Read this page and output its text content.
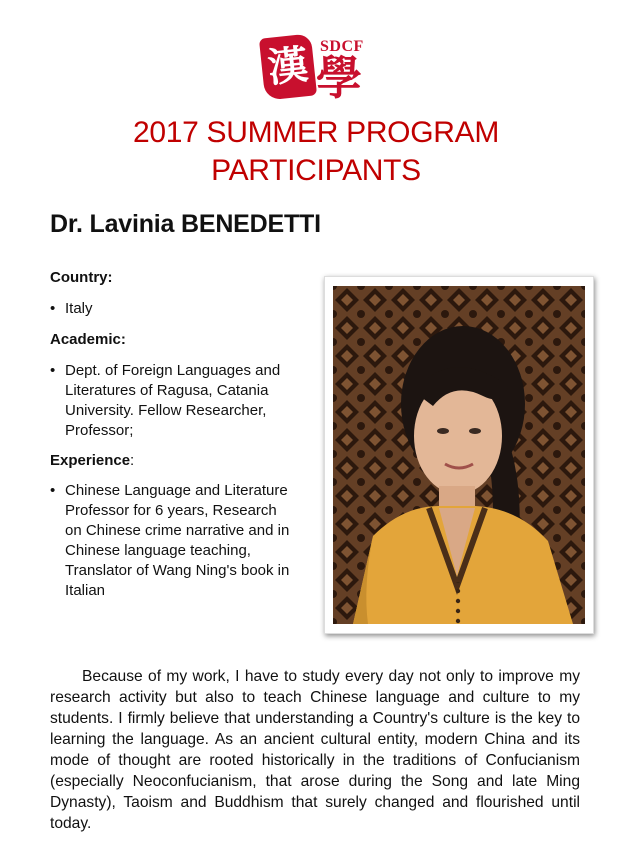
漢 學
SDCF
2017 SUMMER PROGRAM
PARTICIPANTS
Dr. Lavinia BENEDETTI

Country:

• Italy

Academic:

• Dept. of Foreign Languages and Literatures of Ragusa, Catania University. Fellow Researcher, Professor;

Experience:

• Chinese Language and Literature Professor for 6 years, Research on Chinese crime narrative and in Chinese language teaching, Translator of Wang Ning's book in Italian
Because of my work, I have to study every day not only to improve my research activity but also to teach Chinese language and culture to my students. I firmly believe that understanding a Country's culture is the key to learning the language. As an ancient cultural entity, modern China and its mode of thought are rooted historically in the traditions of Confucianism (especially Neoconfucianism, that arose during the Song and late Ming Dynasty), Taoism and Buddhism that surely changed and flourished until today.
